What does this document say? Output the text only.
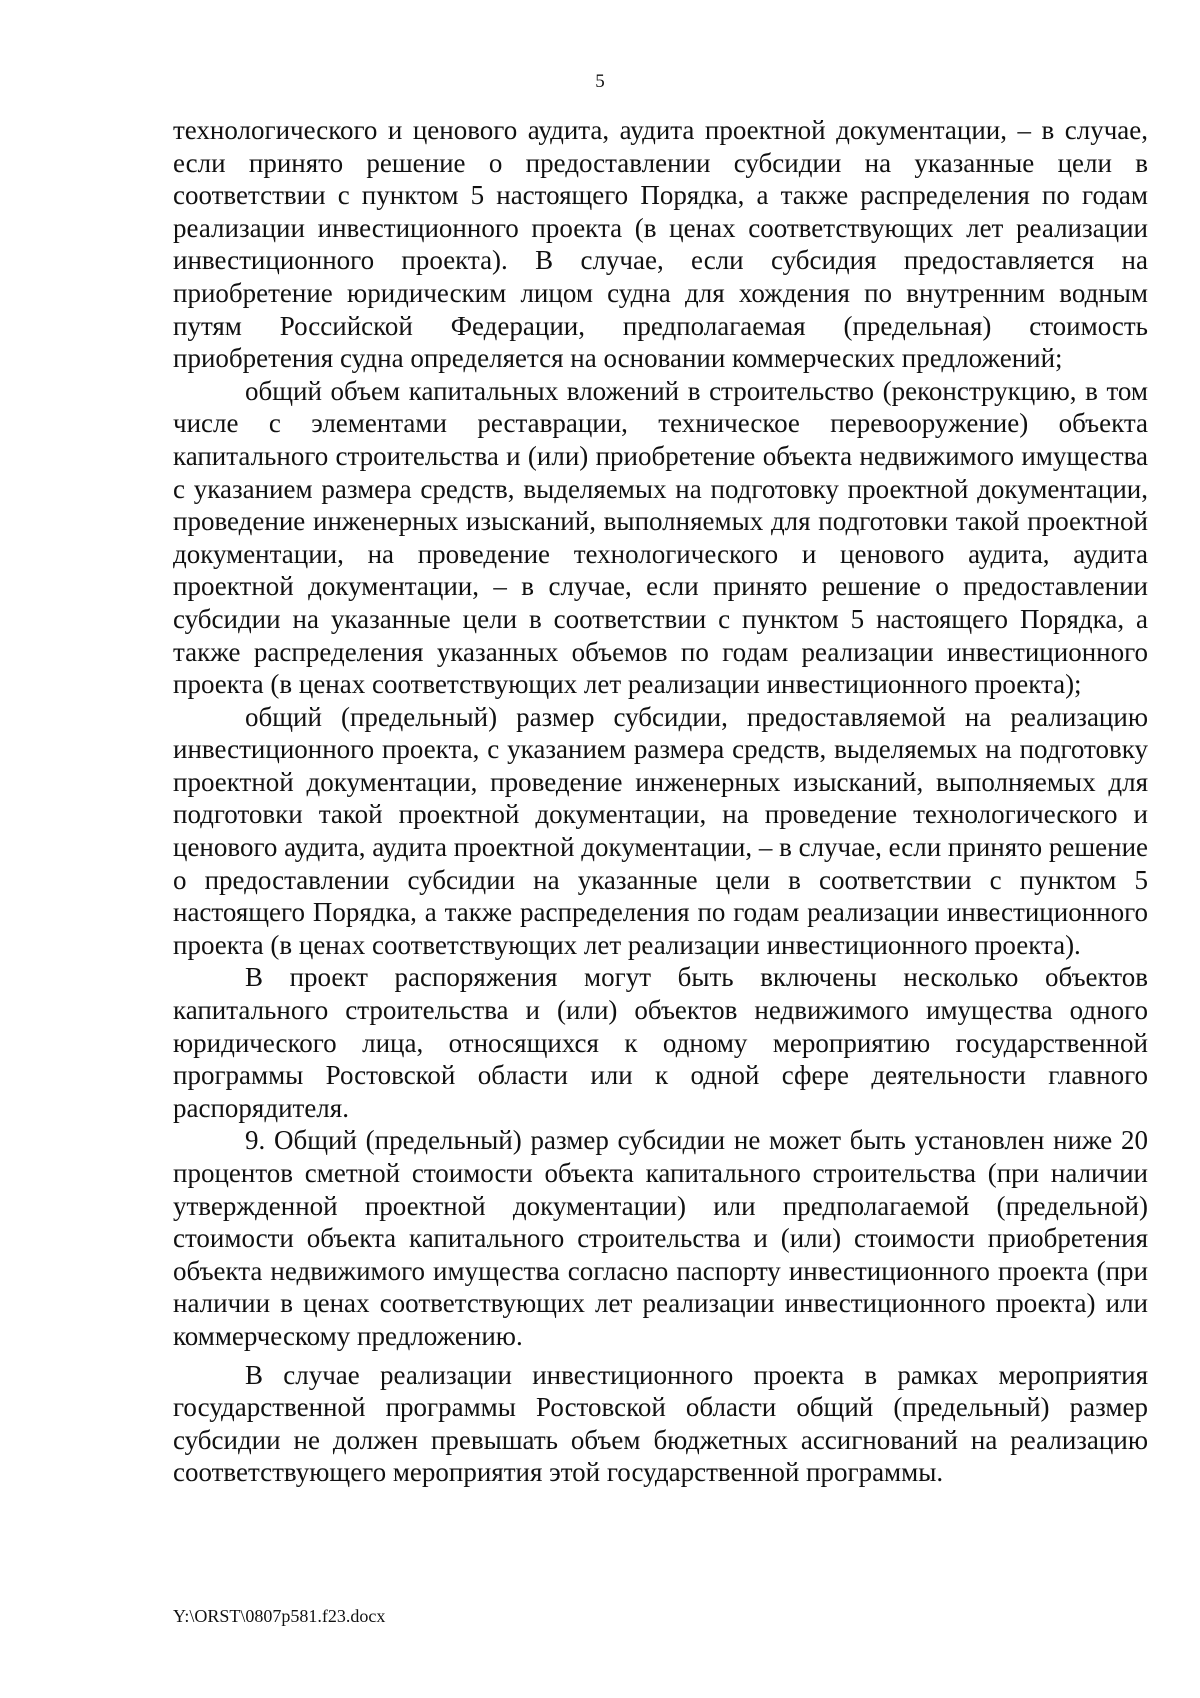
5

технологического и ценового аудита, аудита проектной документации, – в случае, если принято решение о предоставлении субсидии на указанные цели в соответствии с пунктом 5 настоящего Порядка, а также распределения по годам реализации инвестиционного проекта (в ценах соответствующих лет реализации инвестиционного проекта). В случае, если субсидия предоставляется на приобретение юридическим лицом судна для хождения по внутренним водным путям Российской Федерации, предполагаемая (предельная) стоимость приобретения судна определяется на основании коммерческих предложений;

общий объем капитальных вложений в строительство (реконструкцию, в том числе с элементами реставрации, техническое перевооружение) объекта капитального строительства и (или) приобретение объекта недвижимого имущества с указанием размера средств, выделяемых на подготовку проектной документации, проведение инженерных изысканий, выполняемых для подготовки такой проектной документации, на проведение технологического и ценового аудита, аудита проектной документации, – в случае, если принято решение о предоставлении субсидии на указанные цели в соответствии с пунктом 5 настоящего Порядка, а также распределения указанных объемов по годам реализации инвестиционного проекта (в ценах соответствующих лет реализации инвестиционного проекта);

общий (предельный) размер субсидии, предоставляемой на реализацию инвестиционного проекта, с указанием размера средств, выделяемых на подготовку проектной документации, проведение инженерных изысканий, выполняемых для подготовки такой проектной документации, на проведение технологического и ценового аудита, аудита проектной документации, – в случае, если принято решение о предоставлении субсидии на указанные цели в соответствии с пунктом 5 настоящего Порядка, а также распределения по годам реализации инвестиционного проекта (в ценах соответствующих лет реализации инвестиционного проекта).

В проект распоряжения могут быть включены несколько объектов капитального строительства и (или) объектов недвижимого имущества одного юридического лица, относящихся к одному мероприятию государственной программы Ростовской области или к одной сфере деятельности главного распорядителя.

9. Общий (предельный) размер субсидии не может быть установлен ниже 20 процентов сметной стоимости объекта капитального строительства (при наличии утвержденной проектной документации) или предполагаемой (предельной) стоимости объекта капитального строительства и (или) стоимости приобретения объекта недвижимого имущества согласно паспорту инвестиционного проекта (при наличии в ценах соответствующих лет реализации инвестиционного проекта) или коммерческому предложению.

В случае реализации инвестиционного проекта в рамках мероприятия государственной программы Ростовской области общий (предельный) размер субсидии не должен превышать объем бюджетных ассигнований на реализацию соответствующего мероприятия этой государственной программы.

Y:\ORST\0807p581.f23.docx
